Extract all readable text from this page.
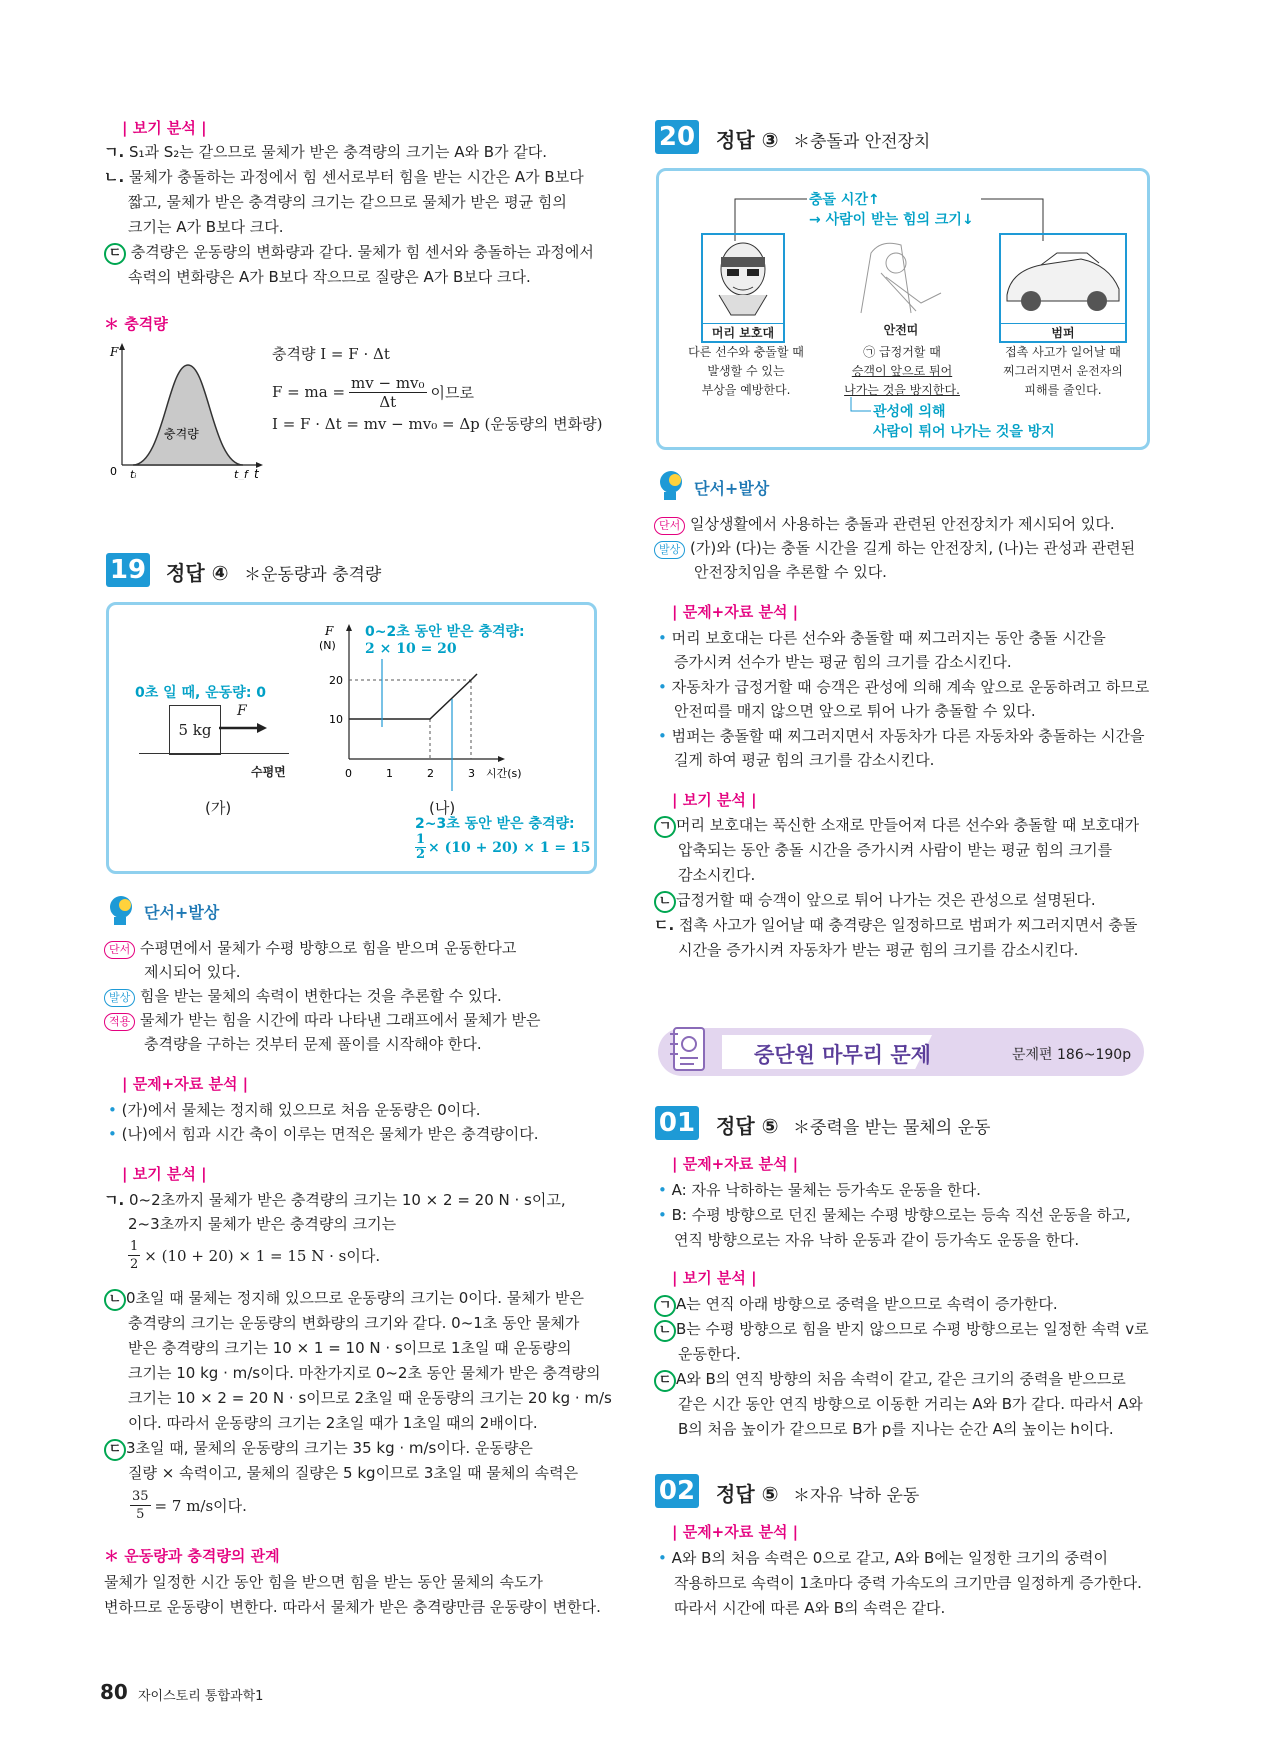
| 보기 분석 |
ㄱ. S₁과 S₂는 같으므로 물체가 받은 충격량의 크기는 A와 B가 같다.
ㄴ. 물체가 충돌하는 과정에서 힘 센서로부터 힘을 받는 시간은 A가 B보다
짧고, 물체가 받은 충격량의 크기는 같으므로 물체가 받은 평균 힘의
크기는 A가 B보다 크다.
ㄷ 충격량은 운동량의 변화량과 같다. 물체가 힘 센서와 충돌하는 과정에서
속력의 변화량은 A가 B보다 작으므로 질량은 A가 B보다 크다.
＊ 충격량
F
0 tᵢ	t_f t
충격량
충격량 I = F · Δt
F = ma = $\frac{\text{mv − mv₀}}{\Delta t}$ 이므로
I = F · Δt = mv − mv₀ = Δp (운동량의 변화량)
19 정답 ④ ＊운동량과 충격량
0초 일 때, 운동량: 0
5 kg
F
수평면
(가)
F
(N)
10
20
0	1	2	3 시간(s)
0~2초 동안 받은 충격량:
2 × 10 = 20
(나)
2~3초 동안 받은 충격량:
$\frac{1}{2} \times (10 + 20) \times 1 = 15$
단서+발상
단서 수평면에서 물체가 수평 방향으로 힘을 받으며 운동한다고
제시되어 있다.
발상 힘을 받는 물체의 속력이 변한다는 것을 추론할 수 있다.
적용 물체가 받는 힘을 시간에 따라 나타낸 그래프에서 물체가 받은
충격량을 구하는 것부터 문제 풀이를 시작해야 한다.
| 문제+자료 분석 |
• (가)에서 물체는 정지해 있으므로 처음 운동량은 0이다.
• (나)에서 힘과 시간 축이 이루는 면적은 물체가 받은 충격량이다.
| 보기 분석 |
ㄱ. 0~2초까지 물체가 받은 충격량의 크기는 10 × 2 = 20 N · s이고,
2~3초까지 물체가 받은 충격량의 크기는
$\frac{1}{2} \times (10 + 20) \times 1 = 15$ N · s이다.
ㄴ 0초일 때 물체는 정지해 있으므로 운동량의 크기는 0이다. 물체가 받은
충격량의 크기는 운동량의 변화량의 크기와 같다. 0~1초 동안 물체가
받은 충격량의 크기는 10 × 1 = 10 N · s이므로 1초일 때 운동량의
크기는 10 kg · m/s이다. 마찬가지로 0~2초 동안 물체가 받은 충격량의
크기는 10 × 2 = 20 N · s이므로 2초일 때 운동량의 크기는 20 kg · m/s
이다. 따라서 운동량의 크기는 2초일 때가 1초일 때의 2배이다.
ㄷ 3초일 때, 물체의 운동량의 크기는 35 kg · m/s이다. 운동량은
질량 × 속력이고, 물체의 질량은 5 kg이므로 3초일 때 물체의 속력은
$\frac{35}{5} = 7$ m/s이다.
＊ 운동량과 충격량의 관계
물체가 일정한 시간 동안 힘을 받으면 힘을 받는 동안 물체의 속도가
변하므로 운동량이 변한다. 따라서 물체가 받은 충격량만큼 운동량이 변한다.
20 정답 ③ ＊충돌과 안전장치
충돌 시간↑
→ 사람이 받는 힘의 크기↓
머리 보호대	안전띠	범퍼
다른 선수와 충돌할 때
발생할 수 있는
부상을 예방한다.
㉠ 급정거할 때
승객이 앞으로 튀어
나가는 것을 방지한다.
접촉 사고가 일어날 때
찌그러지면서 운전자의
피해를 줄인다.
관성에 의해
사람이 튀어 나가는 것을 방지
단서+발상
단서 일상생활에서 사용하는 충돌과 관련된 안전장치가 제시되어 있다.
발상 (가)와 (다)는 충돌 시간을 길게 하는 안전장치, (나)는 관성과 관련된
안전장치임을 추론할 수 있다.
| 문제+자료 분석 |
• 머리 보호대는 다른 선수와 충돌할 때 찌그러지는 동안 충돌 시간을
증가시켜 선수가 받는 평균 힘의 크기를 감소시킨다.
• 자동차가 급정거할 때 승객은 관성에 의해 계속 앞으로 운동하려고 하므로
안전띠를 매지 않으면 앞으로 튀어 나가 충돌할 수 있다.
• 범퍼는 충돌할 때 찌그러지면서 자동차가 다른 자동차와 충돌하는 시간을
길게 하여 평균 힘의 크기를 감소시킨다.
| 보기 분석 |
ㄱ 머리 보호대는 푹신한 소재로 만들어져 다른 선수와 충돌할 때 보호대가
압축되는 동안 충돌 시간을 증가시켜 사람이 받는 평균 힘의 크기를
감소시킨다.
ㄴ 급정거할 때 승객이 앞으로 튀어 나가는 것은 관성으로 설명된다.
ㄷ. 접촉 사고가 일어날 때 충격량은 일정하므로 범퍼가 찌그러지면서 충돌
시간을 증가시켜 자동차가 받는 평균 힘의 크기를 감소시킨다.
중단원 마무리 문제	문제편 186~190p
01 정답 ⑤ ＊중력을 받는 물체의 운동
| 문제+자료 분석 |
• A: 자유 낙하하는 물체는 등가속도 운동을 한다.
• B: 수평 방향으로 던진 물체는 수평 방향으로는 등속 직선 운동을 하고,
연직 방향으로는 자유 낙하 운동과 같이 등가속도 운동을 한다.
| 보기 분석 |
ㄱ A는 연직 아래 방향으로 중력을 받으므로 속력이 증가한다.
ㄴ B는 수평 방향으로 힘을 받지 않으므로 수평 방향으로는 일정한 속력 v로
운동한다.
ㄷ A와 B의 연직 방향의 처음 속력이 같고, 같은 크기의 중력을 받으므로
같은 시간 동안 연직 방향으로 이동한 거리는 A와 B가 같다. 따라서 A와
B의 처음 높이가 같으므로 B가 p를 지나는 순간 A의 높이는 h이다.
02 정답 ⑤ ＊자유 낙하 운동
| 문제+자료 분석 |
• A와 B의 처음 속력은 0으로 같고, A와 B에는 일정한 크기의 중력이
작용하므로 속력이 1초마다 중력 가속도의 크기만큼 일정하게 증가한다.
따라서 시간에 따른 A와 B의 속력은 같다.
80 자이스토리 통합과학1
